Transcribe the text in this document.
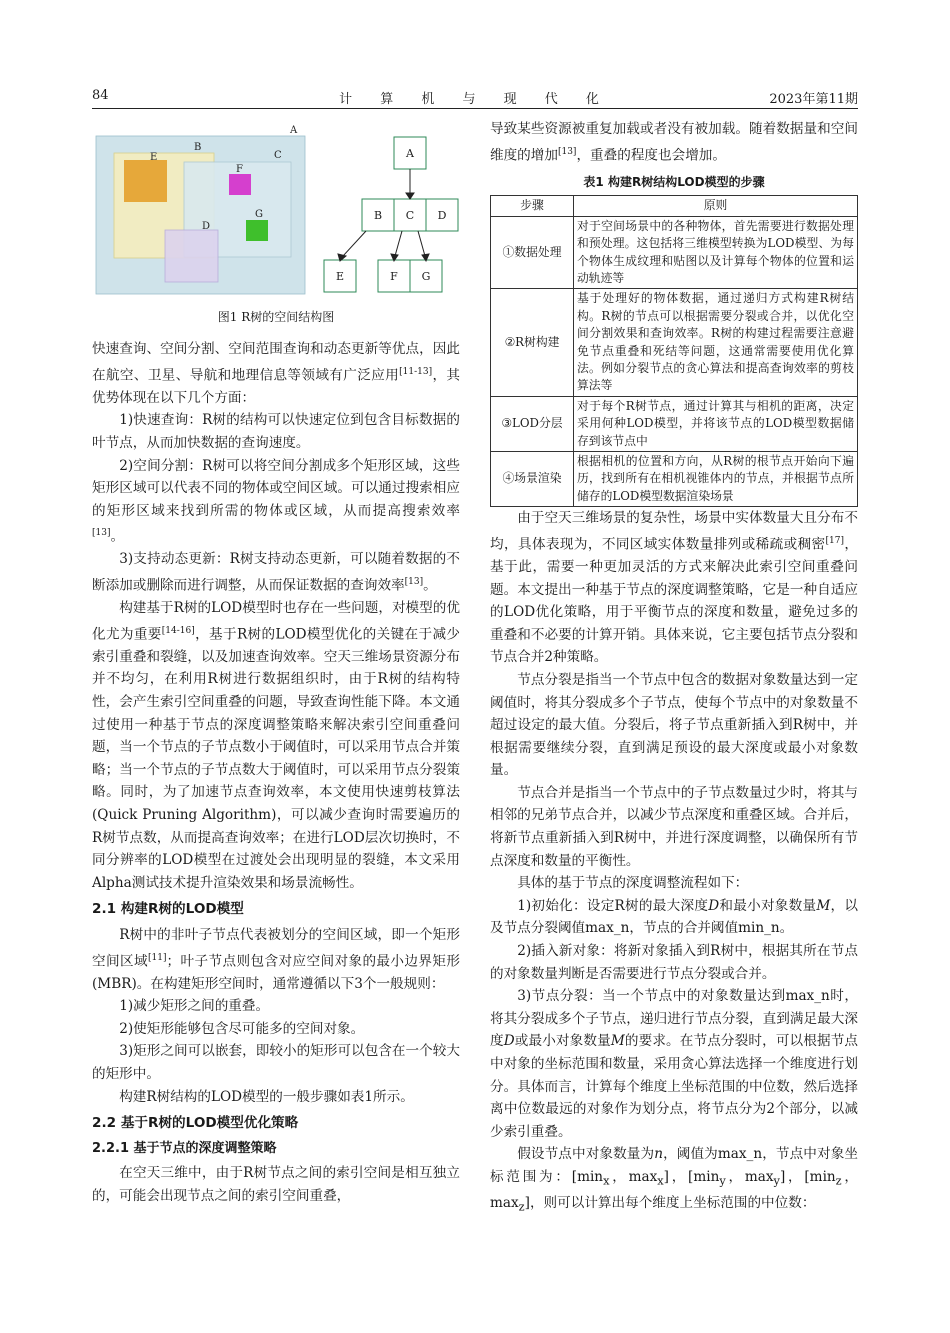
84	计 算 机 与 现 代 化	2023年第11期
A
B
C
D
E
F
G
A
B C D
E	F G
图1 R树的空间结构图

快速查询、空间分割、空间范围查询和动态更新等优点，因此在航空、卫星、导航和地理信息等领域有广泛应用[11-13]，其优势体现在以下几个方面：

1)快速查询：R树的结构可以快速定位到包含目标数据的叶节点，从而加快数据的查询速度。

2)空间分割：R树可以将空间分割成多个矩形区域，这些矩形区域可以代表不同的物体或空间区域。可以通过搜索相应的矩形区域来找到所需的物体或区域，从而提高搜索效率[13]。

3)支持动态更新：R树支持动态更新，可以随着数据的不断添加或删除而进行调整，从而保证数据的查询效率[13]。

构建基于R树的LOD模型时也存在一些问题，对模型的优化尤为重要[14-16]，基于R树的LOD模型优化的关键在于减少索引重叠和裂缝，以及加速查询效率。空天三维场景资源分布并不均匀，在利用R树进行数据组织时，由于R树的结构特性，会产生索引空间重叠的问题，导致查询性能下降。本文通过使用一种基于节点的深度调整策略来解决索引空间重叠问题，当一个节点的子节点数小于阈值时，可以采用节点合并策略；当一个节点的子节点数大于阈值时，可以采用节点分裂策略。同时，为了加速节点查询效率，本文使用快速剪枝算法(Quick Pruning Algorithm)，可以减少查询时需要遍历的R树节点数，从而提高查询效率；在进行LOD层次切换时，不同分辨率的LOD模型在过渡处会出现明显的裂缝，本文采用Alpha测试技术提升渲染效果和场景流畅性。

2.1 构建R树的LOD模型

R树中的非叶子节点代表被划分的空间区域，即一个矩形空间区域[11]；叶子节点则包含对应空间对象的最小边界矩形(MBR)。在构建矩形空间时，通常遵循以下3个一般规则：

1)减少矩形之间的重叠。

2)使矩形能够包含尽可能多的空间对象。

3)矩形之间可以嵌套，即较小的矩形可以包含在一个较大的矩形中。

构建R树结构的LOD模型的一般步骤如表1所示。

2.2 基于R树的LOD模型优化策略
2.2.1 基于节点的深度调整策略

在空天三维中，由于R树节点之间的索引空间是相互独立的，可能会出现节点之间的索引空间重叠，

导致某些资源被重复加载或者没有被加载。随着数据量和空间维度的增加[13]，重叠的程度也会增加。

表1 构建R树结构LOD模型的步骤
步骤	原则
①数据处理	对于空间场景中的各种物体，首先需要进行数据处理和预处理。这包括将三维模型转换为LOD模型、为每个物体生成纹理和贴图以及计算每个物体的位置和运动轨迹等
②R树构建	基于处理好的物体数据，通过递归方式构建R树结构。R树的节点可以根据需要分裂或合并，以优化空间分割效果和查询效率。R树的构建过程需要注意避免节点重叠和死结等问题，这通常需要使用优化算法。例如分裂节点的贪心算法和提高查询效率的剪枝算法等
③LOD分层	对于每个R树节点，通过计算其与相机的距离，决定采用何种LOD模型，并将该节点的LOD模型数据储存到该节点中
④场景渲染	根据相机的位置和方向，从R树的根节点开始向下遍历，找到所有在相机视锥体内的节点，并根据节点所储存的LOD模型数据渲染场景

由于空天三维场景的复杂性，场景中实体数量大且分布不均，具体表现为，不同区域实体数量排列或稀疏或稠密[17]，基于此，需要一种更加灵活的方式来解决此索引空间重叠问题。本文提出一种基于节点的深度调整策略，它是一种自适应的LOD优化策略，用于平衡节点的深度和数量，避免过多的重叠和不必要的计算开销。具体来说，它主要包括节点分裂和节点合并2种策略。

节点分裂是指当一个节点中包含的数据对象数量达到一定阈值时，将其分裂成多个子节点，使每个节点中的对象数量不超过设定的最大值。分裂后，将子节点重新插入到R树中，并根据需要继续分裂，直到满足预设的最大深度或最小对象数量。

节点合并是指当一个节点中的子节点数量过少时，将其与相邻的兄弟节点合并，以减少节点深度和重叠区域。合并后，将新节点重新插入到R树中，并进行深度调整，以确保所有节点深度和数量的平衡性。

具体的基于节点的深度调整流程如下：

1)初始化：设定R树的最大深度D和最小对象数量M，以及节点分裂阈值max_n，节点的合并阈值min_n。

2)插入新对象：将新对象插入到R树中，根据其所在节点的对象数量判断是否需要进行节点分裂或合并。

3)节点分裂：当一个节点中的对象数量达到max_n时，将其分裂成多个子节点，递归进行节点分裂，直到满足最大深度D或最小对象数量M的要求。在节点分裂时，可以根据节点中对象的坐标范围和数量，采用贪心算法选择一个维度进行划分。具体而言，计算每个维度上坐标范围的中位数，然后选择离中位数最远的对象作为划分点，将节点分为2个部分，以减少索引重叠。

假设节点中对象数量为n，阈值为max_n，节点中对象坐标范围为：[$\min_x$，$\max_x$]，[$\min_y$，$\max_y$]，[$\min_z$，$\max_z$]，则可以计算出每个维度上坐标范围的中位数：
